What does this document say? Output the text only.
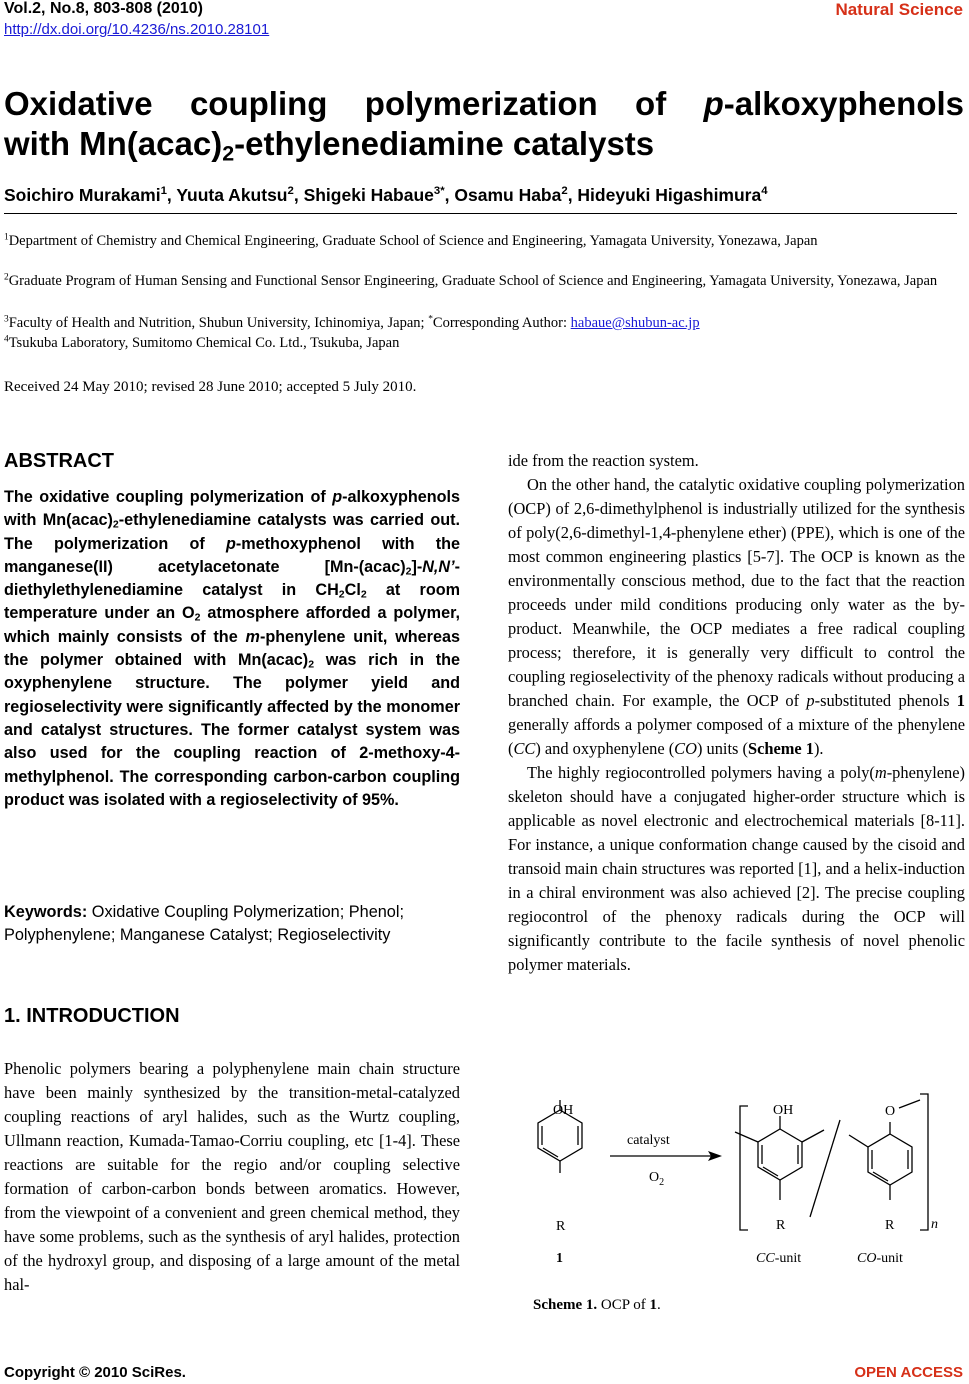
Vol.2, No.8, 803-808 (2010)
http://dx.doi.org/10.4236/ns.2010.28101
Natural Science
Oxidative coupling polymerization of p-alkoxyphenols
with $Mn(acac)_2$-ethylenediamine catalysts
Soichiro Murakami$^1$, Yuuta Akutsu$^2$, Shigeki Habaue$^{3*}$, Osamu Haba$^2$, Hideyuki Higashimura$^4$
$^1$Department of Chemistry and Chemical Engineering, Graduate School of Science and Engineering, Yamagata University, Yonezawa, Japan
$^2$Graduate Program of Human Sensing and Functional Sensor Engineering, Graduate School of Science and Engineering, Yamagata University, Yonezawa, Japan
$^3$Faculty of Health and Nutrition, Shubun University, Ichinomiya, Japan; *Corresponding Author: habaue@shubun-ac.jp
$^4$Tsukuba Laboratory, Sumitomo Chemical Co. Ltd., Tsukuba, Japan
Received 24 May 2010; revised 28 June 2010; accepted 5 July 2010.
ABSTRACT

The oxidative coupling polymerization of p-alkoxyphenols with $Mn(acac)_2$-ethylenediamine catalysts was carried out. The polymerization of p-methoxyphenol with the manganese(II) acetylacetonate $[Mn-(acac)_2]-N,N$’-diethylethylenediamine catalyst in $CH_2Cl_2$ at room temperature under an $O_2$ atmosphere afforded a polymer, which mainly consists of the m-phenylene unit, whereas the polymer obtained with $Mn(acac)_2$ was rich in the oxyphenylene structure. The polymer yield and regioselectivity were significantly affected by the monomer and catalyst structures. The former catalyst system was also used for the coupling reaction of 2-methoxy-4-methylphenol. The corresponding carbon-carbon coupling product was isolated with a regioselectivity of 95%.

Keywords: Oxidative Coupling Polymerization; Phenol; Polyphenylene; Manganese Catalyst; Regioselectivity

1. INTRODUCTION

Phenolic polymers bearing a polyphenylene main chain structure have been mainly synthesized by the transition-metal-catalyzed coupling reactions of aryl halides, such as the Wurtz coupling, Ullmann reaction, Kumada-Tamao-Corriu coupling, etc [1-4]. These reactions are suitable for the regio and/or coupling selective formation of carbon-carbon bonds between aromatics. However, from the viewpoint of a convenient and green chemical method, they have some problems, such as the synthesis of aryl halides, protection of the hydroxyl group, and disposing of a large amount of the metal hal-

ide from the reaction system.

On the other hand, the catalytic oxidative coupling polymerization (OCP) of 2,6-dimethylphenol is industrially utilized for the synthesis of poly(2,6-dimethyl-1,4-phenylene ether) (PPE), which is one of the most common engineering plastics [5-7]. The OCP is known as the environmentally conscious method, due to the fact that the reaction proceeds under mild conditions producing only water as the by-product. Meanwhile, the OCP mediates a free radical coupling process; therefore, it is generally very difficult to control the coupling regioselectivity of the phenoxy radicals without producing a branched chain. For example, the OCP of p-substituted phenols 1 generally affords a polymer composed of a mixture of the phenylene (CC) and oxyphenylene (CO) units (Scheme 1).

The highly regiocontrolled polymers having a poly(m-phenylene) skeleton should have a conjugated higher-order structure which is applicable as novel electronic and electrochemical materials [8-11]. For instance, a unique conformation change caused by the cisoid and transoid main chain structures was reported [1], and a helix-induction in a chiral environment was also achieved [2]. The precise coupling regiocontrol of the phenoxy radicals during the OCP will significantly contribute to the facile synthesis of novel phenolic polymer materials.

OH
R
1
catalyst
$O_2$
OH
R
O
R	n
CC-unit	CO-unit
Scheme 1. OCP of 1.
Copyright © 2010 SciRes.	OPEN ACCESS
